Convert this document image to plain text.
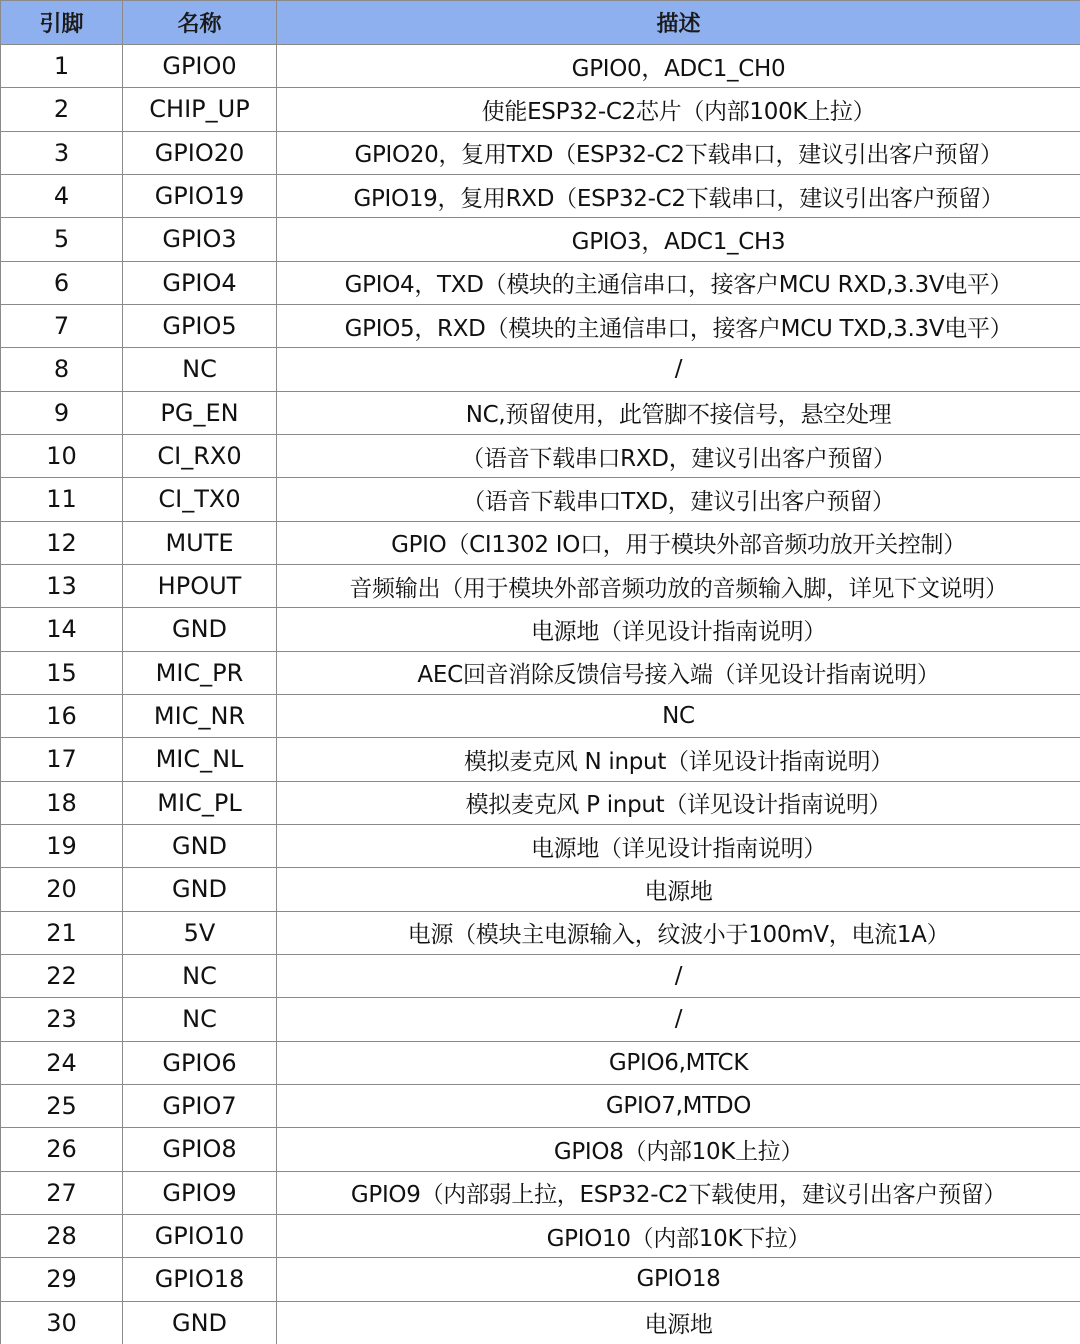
引脚	名称	描述
1	GPIO0	GPIO0，ADC1_CH0
2	CHIP_UP	使能ESP32-C2芯片（内部100K上拉）
3	GPIO20	GPIO20，复用TXD（ESP32-C2下载串口，建议引出客户预留）
4	GPIO19	GPIO19，复用RXD（ESP32-C2下载串口，建议引出客户预留）
5	GPIO3	GPIO3，ADC1_CH3
6	GPIO4	GPIO4，TXD（模块的主通信串口，接客户MCU RXD,3.3V电平）
7	GPIO5	GPIO5，RXD（模块的主通信串口，接客户MCU TXD,3.3V电平）
8	NC	/
9	PG_EN	NC,预留使用，此管脚不接信号，悬空处理
10	CI_RX0	（语音下载串口RXD，建议引出客户预留）
11	CI_TX0	（语音下载串口TXD，建议引出客户预留）
12	MUTE	GPIO（CI1302 IO口，用于模块外部音频功放开关控制）
13	HPOUT	音频输出（用于模块外部音频功放的音频输入脚，详见下文说明）
14	GND	电源地（详见设计指南说明）
15	MIC_PR	AEC回音消除反馈信号接入端（详见设计指南说明）
16	MIC_NR	NC
17	MIC_NL	模拟麦克风 N input（详见设计指南说明）
18	MIC_PL	模拟麦克风 P input（详见设计指南说明）
19	GND	电源地（详见设计指南说明）
20	GND	电源地
21	5V	电源（模块主电源输入，纹波小于100mV，电流1A）
22	NC	/
23	NC	/
24	GPIO6	GPIO6,MTCK
25	GPIO7	GPIO7,MTDO
26	GPIO8	GPIO8（内部10K上拉）
27	GPIO9	GPIO9（内部弱上拉，ESP32-C2下载使用，建议引出客户预留）
28	GPIO10	GPIO10（内部10K下拉）
29	GPIO18	GPIO18
30	GND	电源地
